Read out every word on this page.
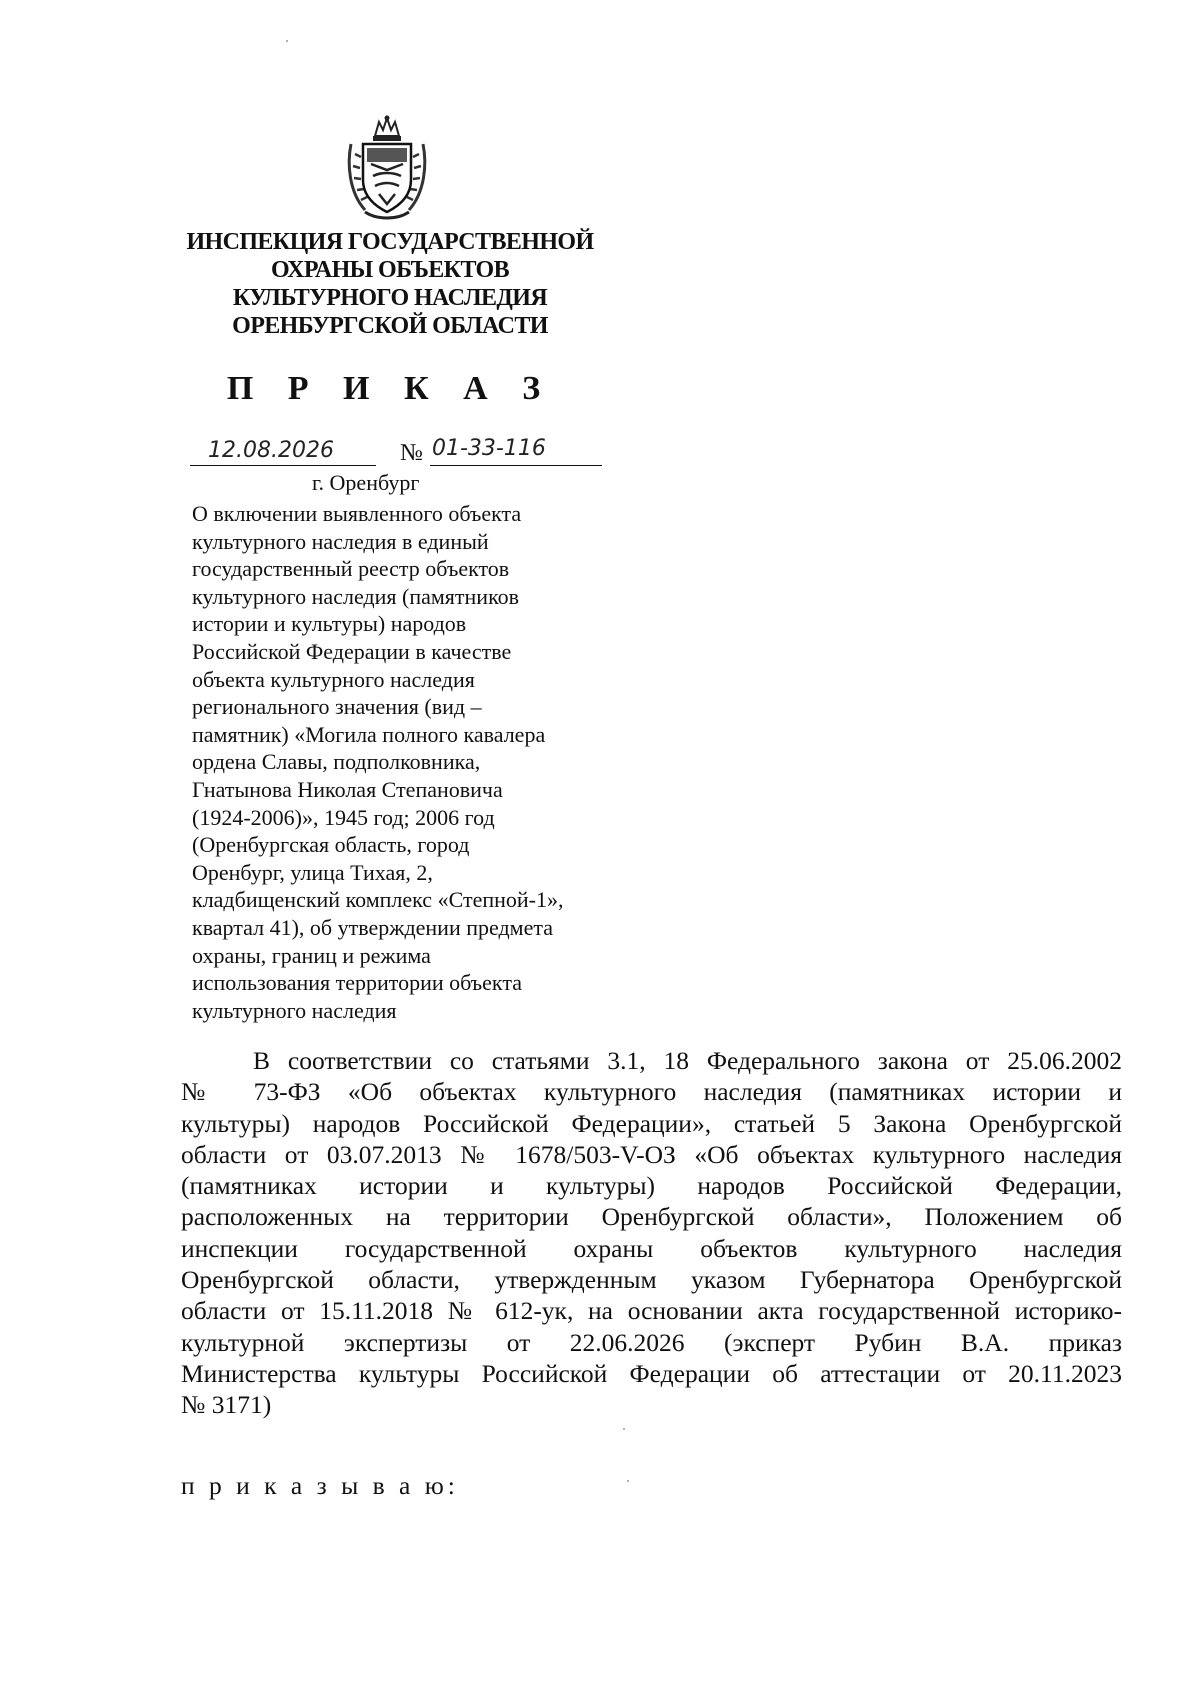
ИНСПЕКЦИЯ ГОСУДАРСТВЕННОЙ
ОХРАНЫ ОБЪЕКТОВ
КУЛЬТУРНОГО НАСЛЕДИЯ
ОРЕНБУРГСКОЙ ОБЛАСТИ
П Р И К А З
12.08.2026	№ 01-33-116
г. Оренбург
О включении выявленного объекта
культурного наследия в единый
государственный реестр объектов
культурного наследия (памятников
истории и культуры) народов
Российской Федерации в качестве
объекта культурного наследия
регионального значения (вид –
памятник) «Могила полного кавалера
ордена Славы, подполковника,
Гнатынова Николая Степановича
(1924-2006)», 1945 год; 2006 год
(Оренбургская область, город
Оренбург, улица Тихая, 2,
кладбищенский комплекс «Степной-1»,
квартал 41), об утверждении предмета
охраны, границ и режима
использования территории объекта
культурного наследия
В соответствии со статьями 3.1, 18 Федерального закона от 25.06.2002
№ 73-ФЗ «Об объектах культурного наследия (памятниках истории и
культуры) народов Российской Федерации», статьей 5 Закона Оренбургской
области от 03.07.2013 № 1678/503-V-ОЗ «Об объектах культурного наследия
(памятниках истории и культуры) народов Российской Федерации,
расположенных на территории Оренбургской области», Положением об
инспекции государственной охраны объектов культурного наследия
Оренбургской области, утвержденным указом Губернатора Оренбургской
области от 15.11.2018 № 612-ук, на основании акта государственной историко-
культурной экспертизы от 22.06.2026 (эксперт Рубин В.А. приказ
Министерства культуры Российской Федерации об аттестации от 20.11.2023
№ 3171)
п р и к а з ы в а ю:
